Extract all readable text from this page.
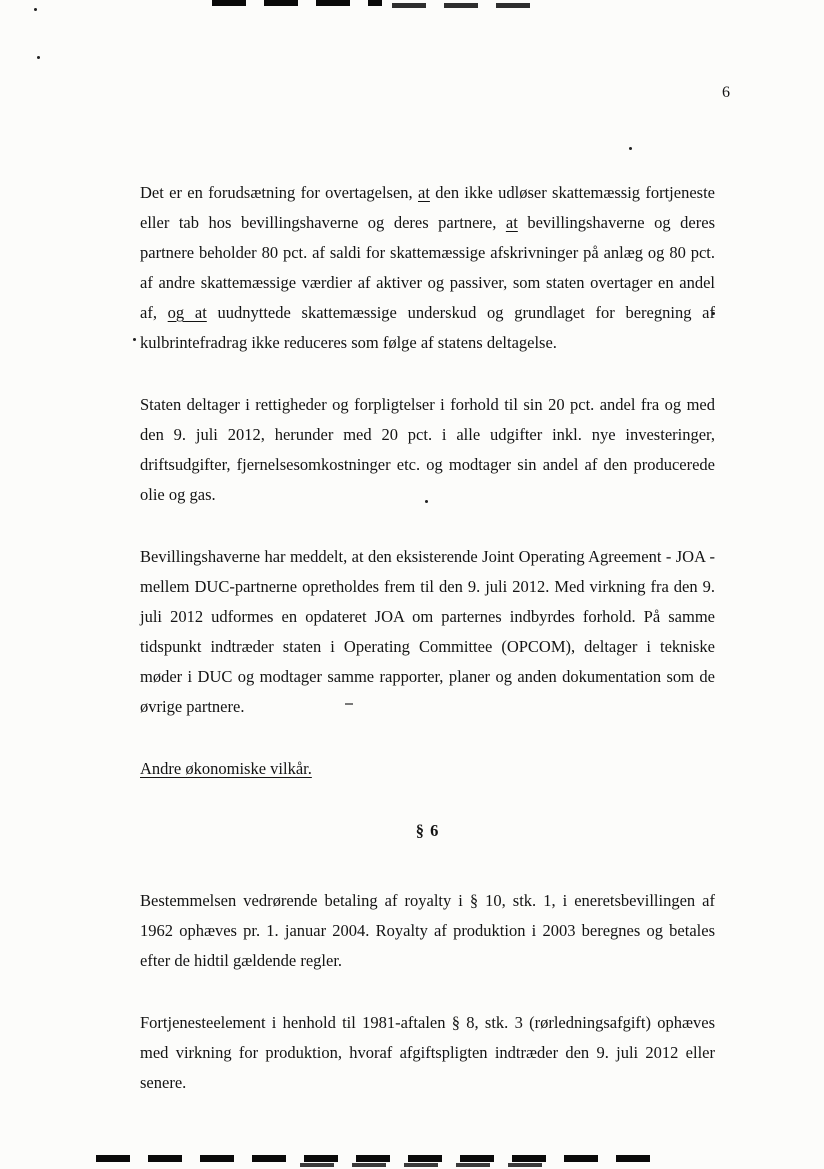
6

Det er en forudsætning for overtagelsen, at den ikke udløser skattemæssig fortjeneste eller tab hos bevillingshaverne og deres partnere, at bevillingshaverne og deres partnere beholder 80 pct. af saldi for skattemæssige afskrivninger på anlæg og 80 pct. af andre skattemæssige værdier af aktiver og passiver, som staten overtager en andel af, og at uudnyttede skattemæssige underskud og grundlaget for beregning af kulbrintefradrag ikke reduceres som følge af statens deltagelse.

Staten deltager i rettigheder og forpligtelser i forhold til sin 20 pct. andel fra og med den 9. juli 2012, herunder med 20 pct. i alle udgifter inkl. nye investeringer, driftsudgifter, fjernelsesomkostninger etc. og modtager sin andel af den producerede olie og gas.

Bevillingshaverne har meddelt, at den eksisterende Joint Operating Agreement - JOA - mellem DUC-partnerne opretholdes frem til den 9. juli 2012. Med virkning fra den 9. juli 2012 udformes en opdateret JOA om parternes indbyrdes forhold. På samme tidspunkt indtræder staten i Operating Committee (OPCOM), deltager i tekniske møder i DUC og modtager samme rapporter, planer og anden dokumentation som de øvrige partnere.

Andre økonomiske vilkår.

§ 6

Bestemmelsen vedrørende betaling af royalty i § 10, stk. 1, i eneretsbevillingen af 1962 ophæves pr. 1. januar 2004. Royalty af produktion i 2003 beregnes og betales efter de hidtil gældende regler.

Fortjenesteelement i henhold til 1981-aftalen § 8, stk. 3 (rørledningsafgift) ophæves med virkning for produktion, hvoraf afgiftspligten indtræder den 9. juli 2012 eller senere.
